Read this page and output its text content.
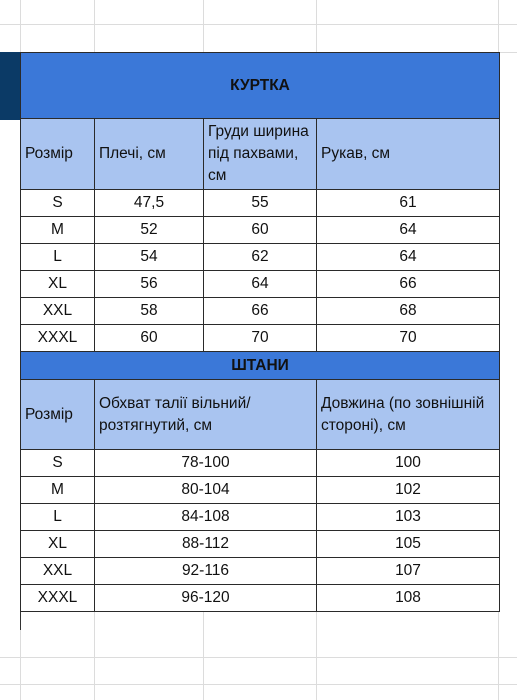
КУРТКА			
Розмір	Плечі, см	Груди ширина під пахвами, см	Рукав, см
S	47,5	55	61
M	52	60	64
L	54	62	64
XL	56	64	66
XXL	58	66	68
XXXL	60	70	70
ШТАНИ			
Розмір	Обхват талії вільний/ розтягнутий, см		Довжина (по зовнішній стороні), см
S	78-100		100
M	80-104		102
L	84-108		103
XL	88-112		105
XXL	92-116		107
XXXL	96-120		108
